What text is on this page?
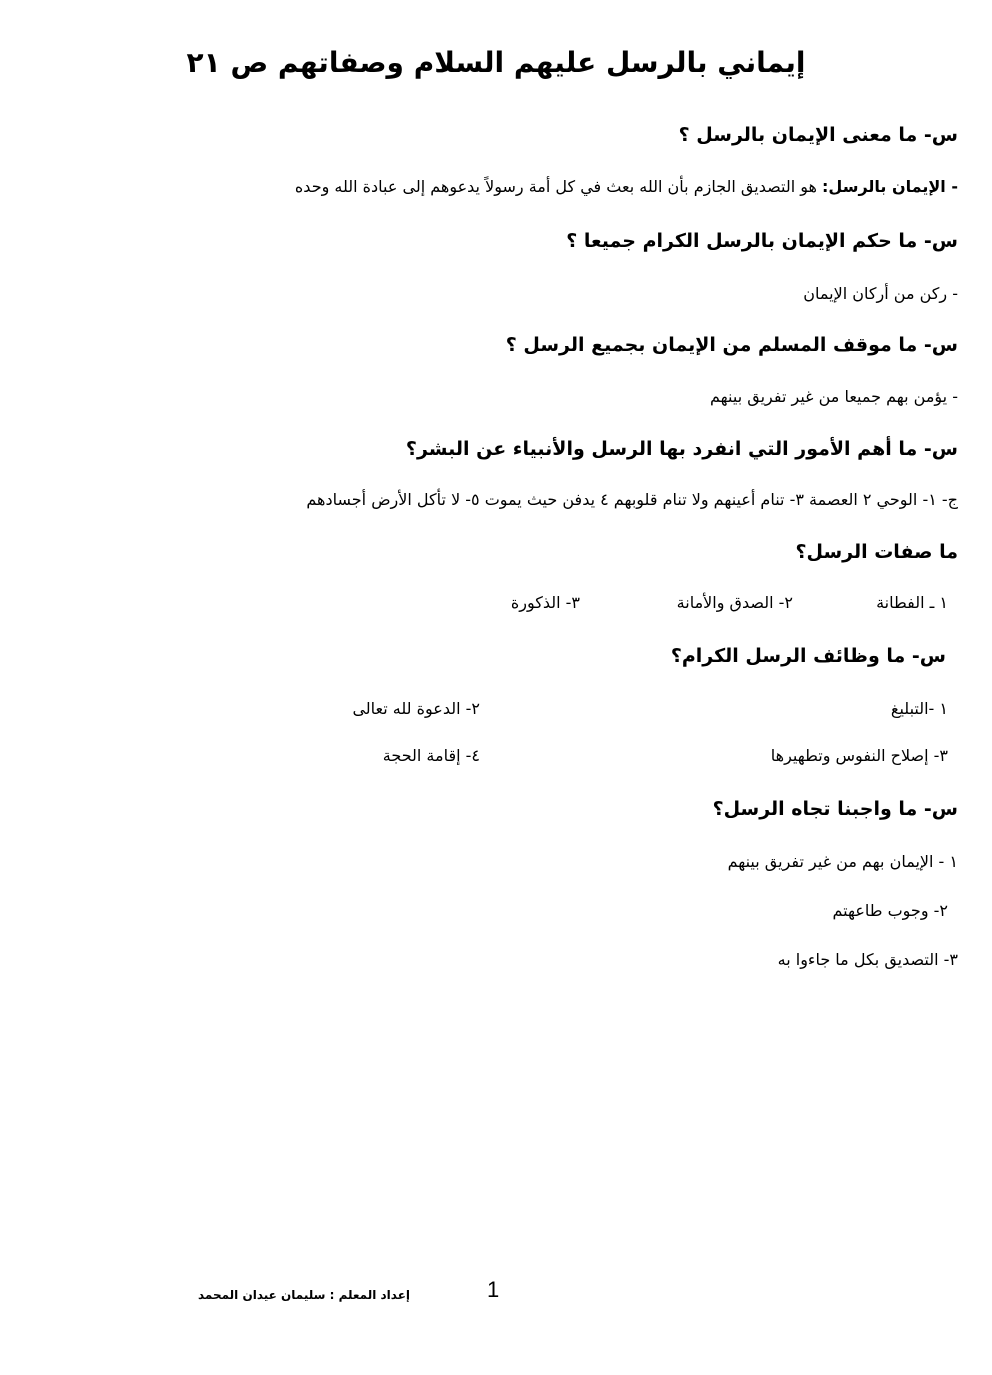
إيماني بالرسل عليهم السلام وصفاتهم ص ٢١
س- ما معنى الإيمان بالرسل ؟
- الإيمان بالرسل: هو التصديق الجازم بأن الله بعث في كل أمة رسولاً يدعوهم إلى عبادة الله وحده
س- ما حكم الإيمان بالرسل الكرام جميعا ؟
- ركن من أركان الإيمان
س- ما موقف المسلم من الإيمان بجميع الرسل ؟
- يؤمن بهم جميعا من غير تفريق بينهم
س- ما أهم الأمور التي انفرد بها الرسل والأنبياء عن البشر؟
ج- ١- الوحي ٢ العصمة ٣- تنام أعينهم ولا تنام قلوبهم ٤ يدفن حيث يموت ٥- لا تأكل الأرض أجسادهم
ما صفات الرسل؟
١ ـ الفطانة
٢- الصدق والأمانة
٣- الذكورة
س- ما وظائف الرسل الكرام؟
١ -التبليغ
٢- الدعوة لله تعالى
٣- إصلاح النفوس وتطهيرها
٤- إقامة الحجة
س- ما واجبنا تجاه الرسل؟
١ - الإيمان بهم من غير تفريق بينهم
٢- وجوب طاعهتم
٣- التصديق بكل ما جاءوا به
إعداد المعلم : سليمان عيدان المحمد	1
